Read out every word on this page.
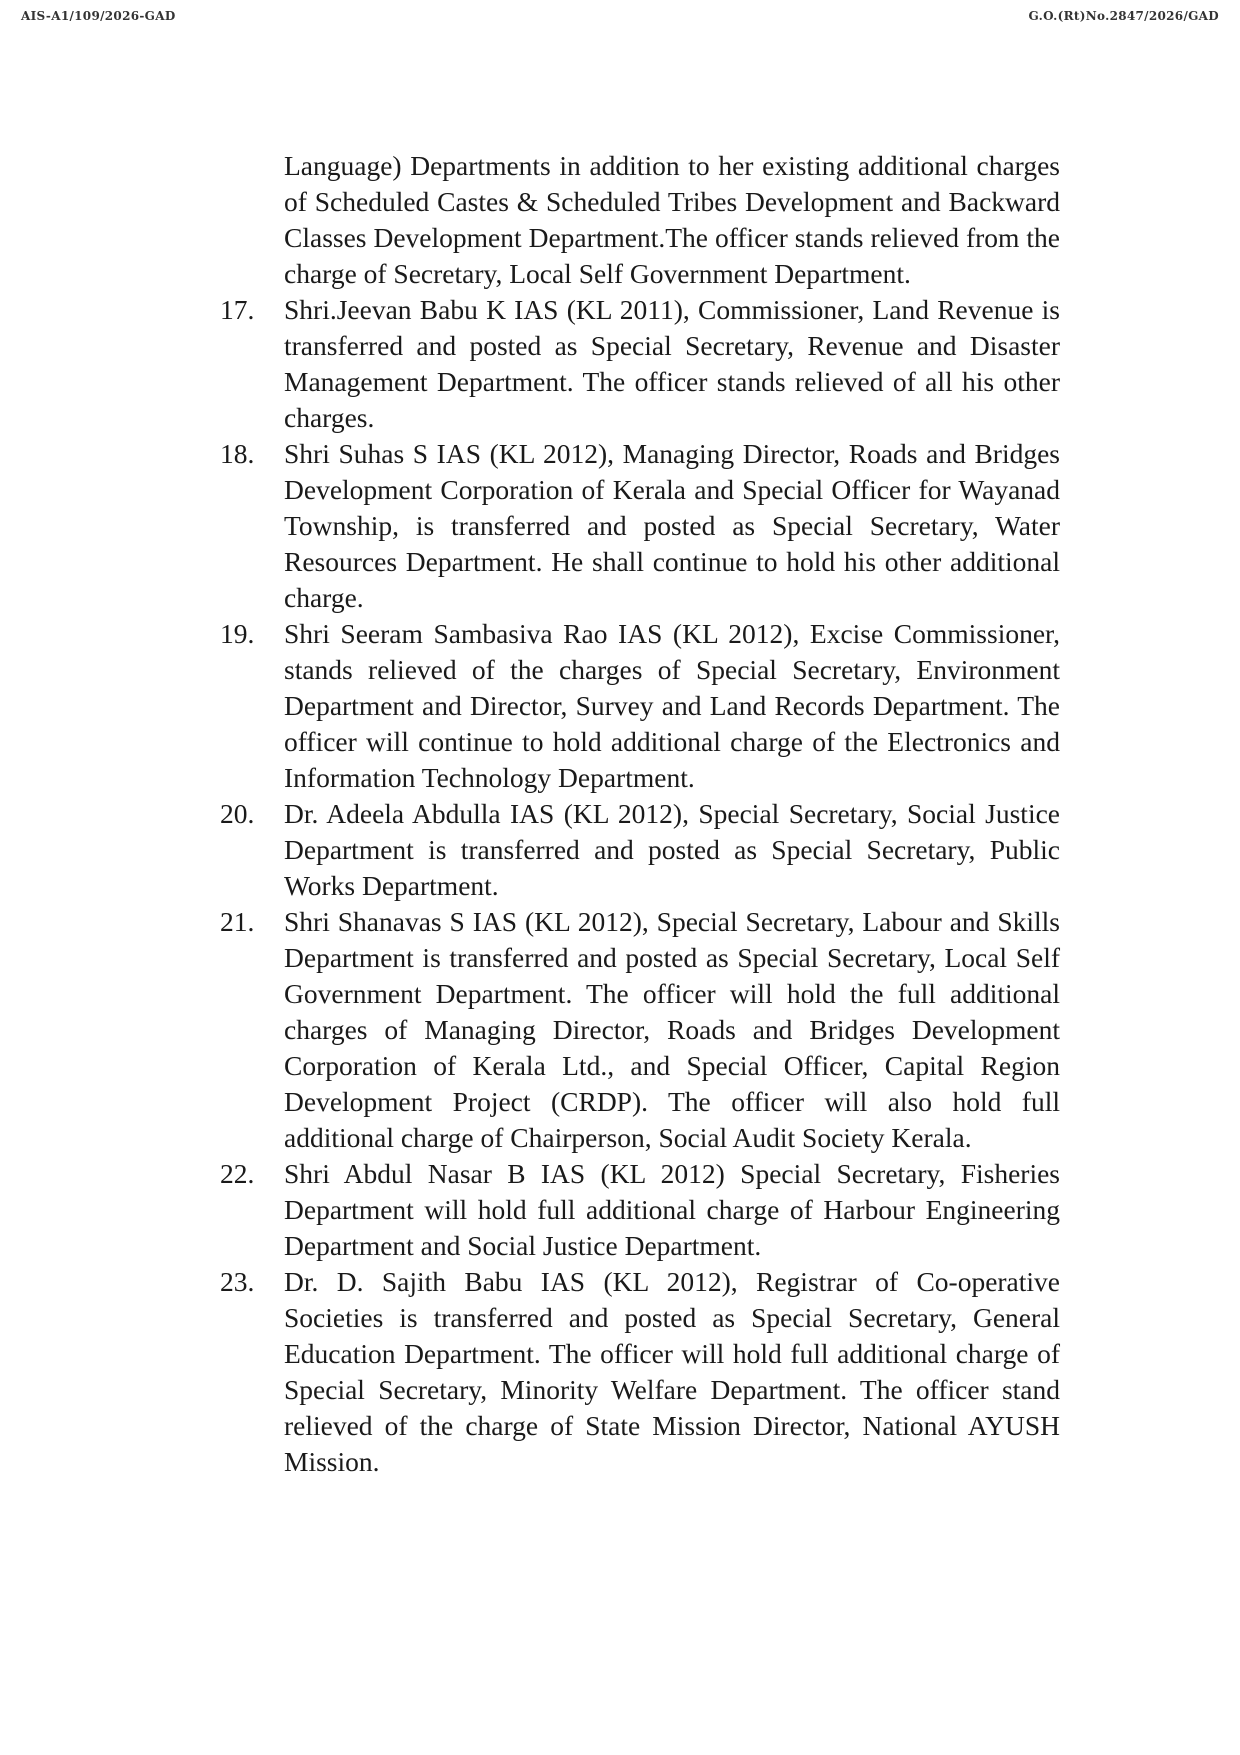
AIS-A1/109/2026-GAD	G.O.(Rt)No.2847/2026/GAD
Language) Departments in addition to her existing additional charges of Scheduled Castes & Scheduled Tribes Development and Backward Classes Development Department.The officer stands relieved from the charge of Secretary, Local Self Government Department.
17.	Shri.Jeevan Babu K IAS (KL 2011), Commissioner, Land Revenue is transferred and posted as Special Secretary, Revenue and Disaster Management Department. The officer stands relieved of all his other charges.
18.	Shri Suhas S IAS (KL 2012), Managing Director, Roads and Bridges Development Corporation of Kerala and Special Officer for Wayanad Township, is transferred and posted as Special Secretary, Water Resources Department. He shall continue to hold his other additional charge.
19.	Shri Seeram Sambasiva Rao IAS (KL 2012), Excise Commissioner, stands relieved of the charges of Special Secretary, Environment Department and Director, Survey and Land Records Department. The officer will continue to hold additional charge of the Electronics and Information Technology Department.
20.	Dr. Adeela Abdulla IAS (KL 2012), Special Secretary, Social Justice Department is transferred and posted as Special Secretary, Public Works Department.
21.	Shri Shanavas S IAS (KL 2012), Special Secretary, Labour and Skills Department is transferred and posted as Special Secretary, Local Self Government Department. The officer will hold the full additional charges of Managing Director, Roads and Bridges Development Corporation of Kerala Ltd., and Special Officer, Capital Region Development Project (CRDP). The officer will also hold full additional charge of Chairperson, Social Audit Society Kerala.
22.	Shri Abdul Nasar B IAS (KL 2012) Special Secretary, Fisheries Department will hold full additional charge of Harbour Engineering Department and Social Justice Department.
23.	Dr. D. Sajith Babu IAS (KL 2012), Registrar of Co-operative Societies is transferred and posted as Special Secretary, General Education Department. The officer will hold full additional charge of Special Secretary, Minority Welfare Department. The officer stand relieved of the charge of State Mission Director, National AYUSH Mission.
